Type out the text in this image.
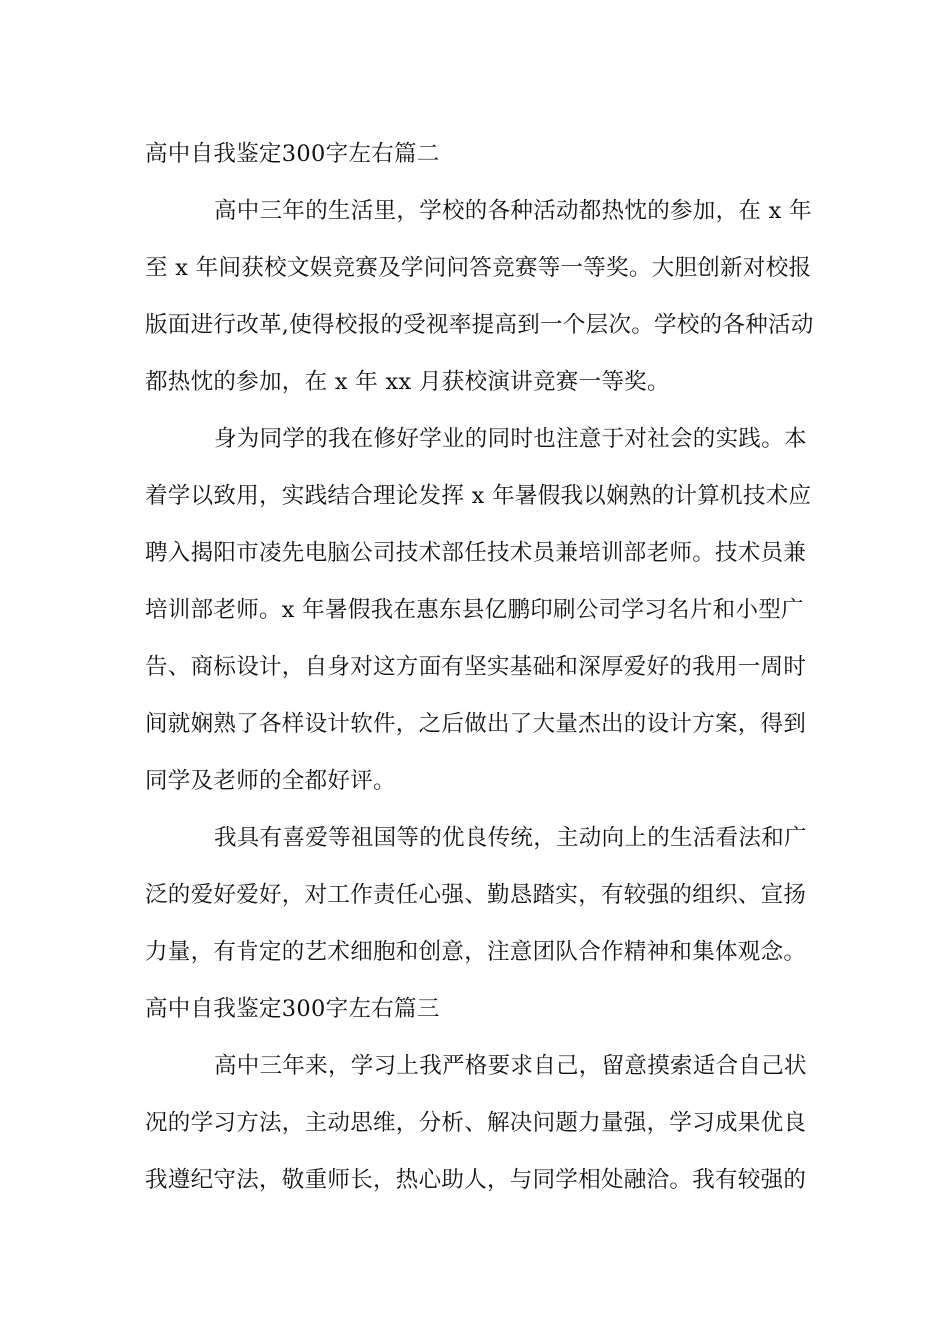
高中自我鉴定300字左右篇二

高中三年的生活里，学校的各种活动都热忱的参加，在 x 年

至 x 年间获校文娱竞赛及学问问答竞赛等一等奖。大胆创新对校报

版面进行改革,使得校报的受视率提高到一个层次。学校的各种活动

都热忱的参加，在 x 年 xx 月获校演讲竞赛一等奖。

身为同学的我在修好学业的同时也注意于对社会的实践。本

着学以致用，实践结合理论发挥 x 年暑假我以娴熟的计算机技术应

聘入揭阳市凌先电脑公司技术部任技术员兼培训部老师。技术员兼

培训部老师。x 年暑假我在惠东县亿鹏印刷公司学习名片和小型广

告、商标设计，自身对这方面有坚实基础和深厚爱好的我用一周时

间就娴熟了各样设计软件，之后做出了大量杰出的设计方案，得到

同学及老师的全都好评。

我具有喜爱等祖国等的优良传统，主动向上的生活看法和广

泛的爱好爱好，对工作责任心强、勤恳踏实，有较强的组织、宣扬

力量，有肯定的艺术细胞和创意，注意团队合作精神和集体观念。

高中自我鉴定300字左右篇三

高中三年来，学习上我严格要求自己，留意摸索适合自己状

况的学习方法，主动思维，分析、解决问题力量强，学习成果优良

我遵纪守法，敬重师长，热心助人，与同学相处融洽。我有较强的
